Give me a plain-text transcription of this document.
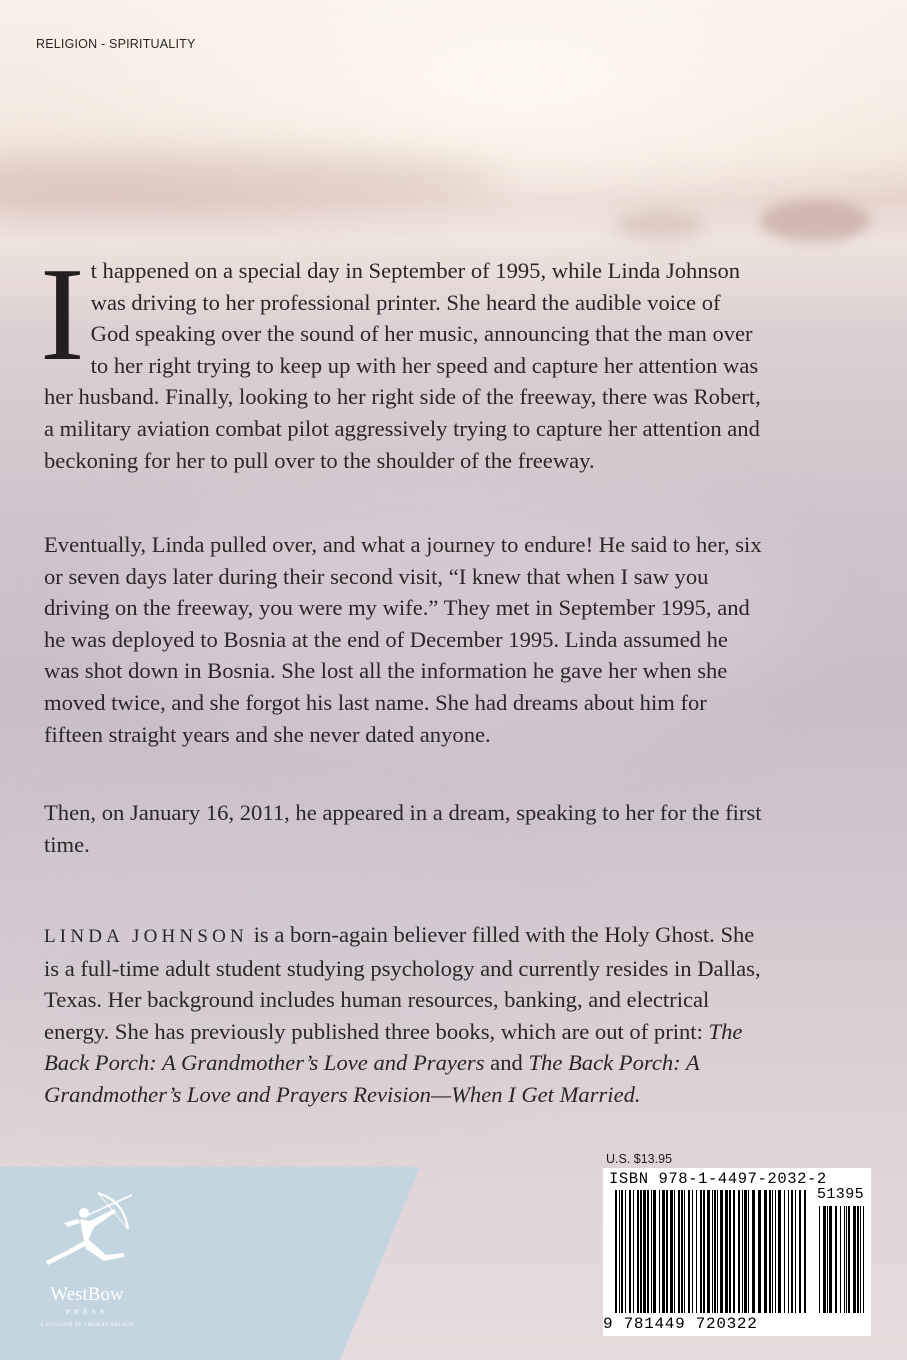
RELIGION - SPIRITUALITY
It happened on a special day in September of 1995, while Linda Johnson was driving to her professional printer. She heard the audible voice of God speaking over the sound of her music, announcing that the man over to her right trying to keep up with her speed and capture her attention was her husband. Finally, looking to her right side of the freeway, there was Robert, a military aviation combat pilot aggressively trying to capture her attention and beckoning for her to pull over to the shoulder of the freeway.
Eventually, Linda pulled over, and what a journey to endure! He said to her, six or seven days later during their second visit, “I knew that when I saw you driving on the freeway, you were my wife.” They met in September 1995, and he was deployed to Bosnia at the end of December 1995. Linda assumed he was shot down in Bosnia. She lost all the information he gave her when she moved twice, and she forgot his last name. She had dreams about him for fifteen straight years and she never dated anyone.
Then, on January 16, 2011, he appeared in a dream, speaking to her for the first time.
LINDA JOHNSON is a born-again believer filled with the Holy Ghost. She is a full-time adult student studying psychology and currently resides in Dallas, Texas. Her background includes human resources, banking, and electrical energy. She has previously published three books, which are out of print: The Back Porch: A Grandmother’s Love and Prayers and The Back Porch: A Grandmother’s Love and Prayers Revision—When I Get Married.
WestBow
PRESS
A DIVISION OF THOMAS NELSON
U.S. $13.95
ISBN 978-1-4497-2032-2
51395
9 781449 720322
